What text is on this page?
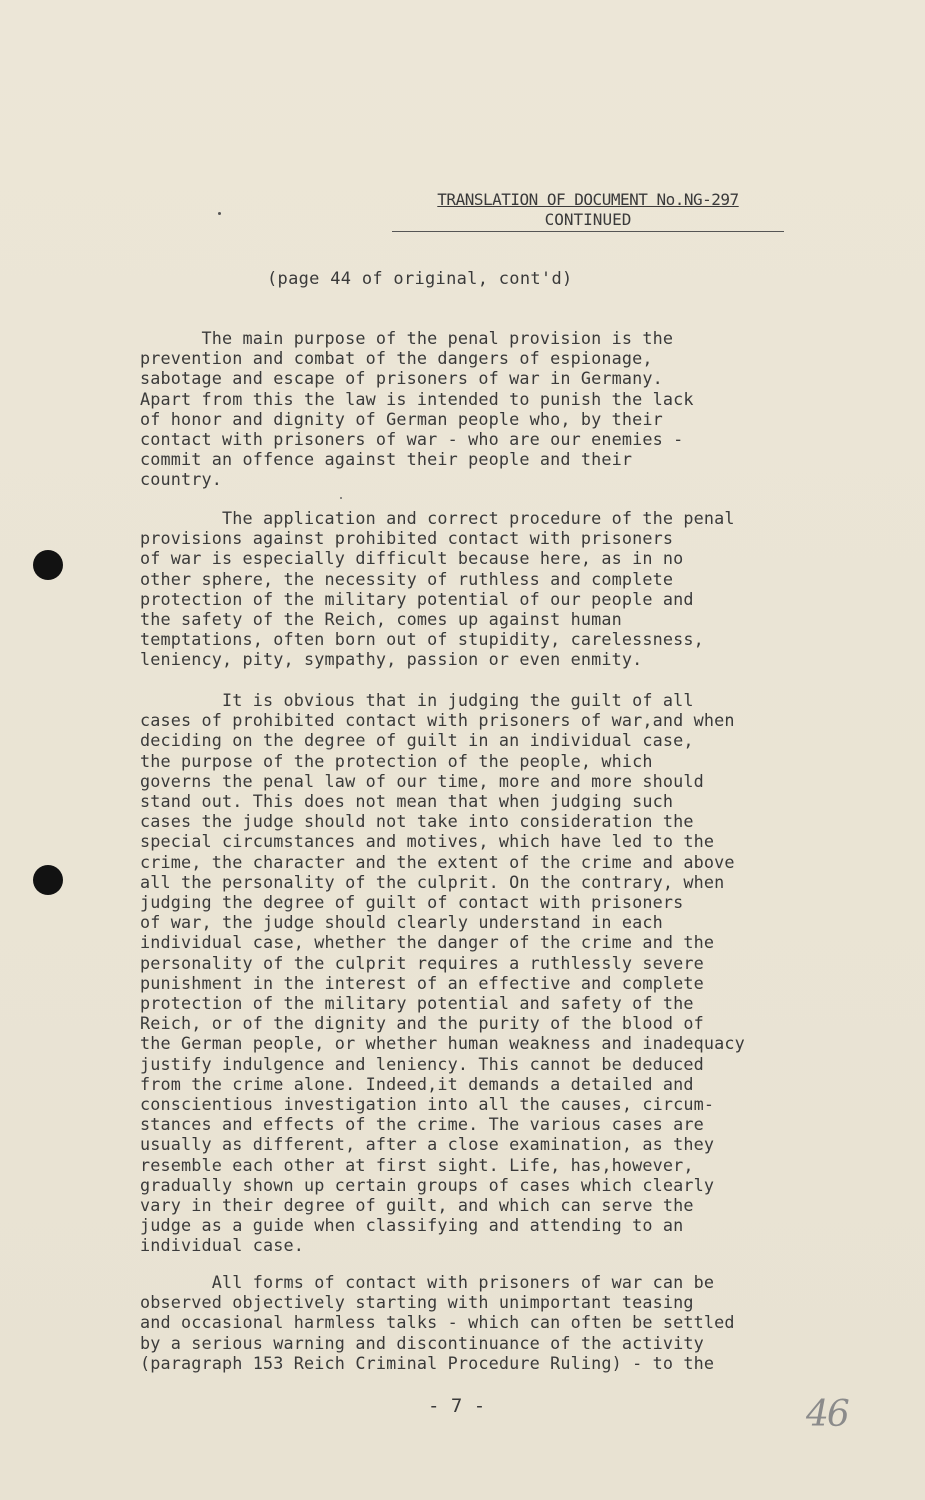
TRANSLATION OF DOCUMENT No.NG-297
CONTINUED
(page 44 of original, cont'd)
The main purpose of the penal provision is the
prevention and combat of the dangers of espionage,
sabotage and escape of prisoners of war in Germany.
Apart from this the law is intended to punish the lack
of honor and dignity of German people who, by their
contact with prisoners of war - who are our enemies -
commit an offence against their people and their
country.
The application and correct procedure of the penal
provisions against prohibited contact with prisoners
of war is especially difficult because here, as in no
other sphere, the necessity of ruthless and complete
protection of the military potential of our people and
the safety of the Reich, comes up against human
temptations, often born out of stupidity, carelessness,
leniency, pity, sympathy, passion or even enmity.
It is obvious that in judging the guilt of all
cases of prohibited contact with prisoners of war,and when
deciding on the degree of guilt in an individual case,
the purpose of the protection of the people, which
governs the penal law of our time, more and more should
stand out. This does not mean that when judging such
cases the judge should not take into consideration the
special circumstances and motives, which have led to the
crime, the character and the extent of the crime and above
all the personality of the culprit. On the contrary, when
judging the degree of guilt of contact with prisoners
of war, the judge should clearly understand in each
individual case, whether the danger of the crime and the
personality of the culprit requires a ruthlessly severe
punishment in the interest of an effective and complete
protection of the military potential and safety of the
Reich, or of the dignity and the purity of the blood of
the German people, or whether human weakness and inadequacy
justify indulgence and leniency. This cannot be deduced
from the crime alone. Indeed,it demands a detailed and
conscientious investigation into all the causes, circum-
stances and effects of the crime. The various cases are
usually as different, after a close examination, as they
resemble each other at first sight. Life, has,however,
gradually shown up certain groups of cases which clearly
vary in their degree of guilt, and which can serve the
judge as a guide when classifying and attending to an
individual case.
All forms of contact with prisoners of war can be
observed objectively starting with unimportant teasing
and occasional harmless talks - which can often be settled
by a serious warning and discontinuance of the activity
(paragraph 153 Reich Criminal Procedure Ruling) - to the
- 7 -	46
